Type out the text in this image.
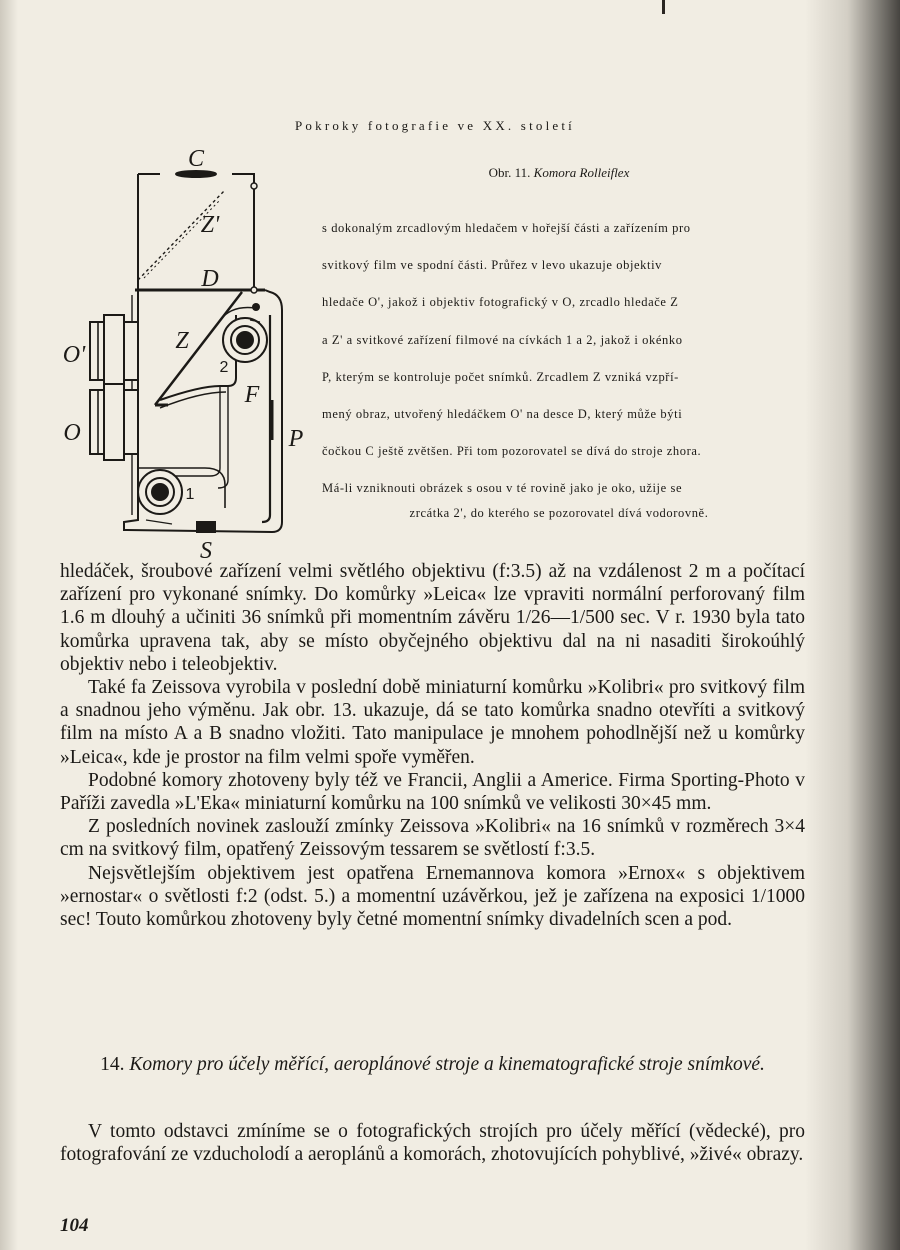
Pokroky fotografie ve XX. století
C
Z'
D
Z
O'
O
F
P
S
1
2
Obr. 11. Komora Rolleiflex

s dokonalým zrcadlovým hledačem v hořejší části a zařízením pro

svitkový film ve spodní části. Průřez v levo ukazuje objektiv

hledače O', jakož i objektiv fotografický v O, zrcadlo hledače Z

a Z' a svitkové zařízení filmové na cívkách 1 a 2, jakož i okénko

P, kterým se kontroluje počet snímků. Zrcadlem Z vzniká vzpří-

mený obraz, utvořený hledáčkem O' na desce D, který může býti

čočkou C ještě zvětšen. Při tom pozorovatel se dívá do stroje zhora.

Má-li vzniknouti obrázek s osou v té rovině jako je oko, užije se

zrcátka 2', do kterého se pozorovatel dívá vodorovně.

hledáček, šroubové zařízení velmi světlého objektivu (f:3.5) až na vzdálenost 2 m a počítací zařízení pro vykonané snímky. Do komůrky »Leica« lze vpraviti normální perforovaný film 1.6 m dlouhý a učiniti 36 snímků při momentním závěru 1/26—1/500 sec. V r. 1930 byla tato komůrka upravena tak, aby se místo obyčejného objektivu dal na ni nasaditi širokoúhlý objektiv nebo i teleobjektiv.

Také fa Zeissova vyrobila v poslední době miniaturní komůrku »Kolibri« pro svitkový film a snadnou jeho výměnu. Jak obr. 13. ukazuje, dá se tato komůrka snadno otevříti a svitkový film na místo A a B snadno vložiti. Tato manipulace je mnohem pohodlnější než u komůrky »Leica«, kde je prostor na film velmi spoře vyměřen.

Podobné komory zhotoveny byly též ve Francii, Anglii a Americe. Firma Sporting-Photo v Paříži zavedla »L'Eka« miniaturní komůrku na 100 snímků ve velikosti 30×45 mm.

Z posledních novinek zaslouží zmínky Zeissova »Kolibri« na 16 snímků v rozměrech 3×4 cm na svitkový film, opatřený Zeissovým tessarem se světlostí f:3.5.

Nejsvětlejším objektivem jest opatřena Ernemannova komora »Ernox« s objektivem »ernostar« o světlosti f:2 (odst. 5.) a momentní uzávěrkou, jež je zařízena na exposici 1/1000 sec! Touto komůrkou zhotoveny byly četné momentní snímky divadelních scen a pod.

14. Komory pro účely měřící, aeroplánové stroje a kinematografické stroje snímkové.

V tomto odstavci zmíníme se o fotografických strojích pro účely měřící (vědecké), pro fotografování ze vzducholodí a aeroplánů a komorách, zhotovujících pohyblivé, »živé« obrazy.

104
